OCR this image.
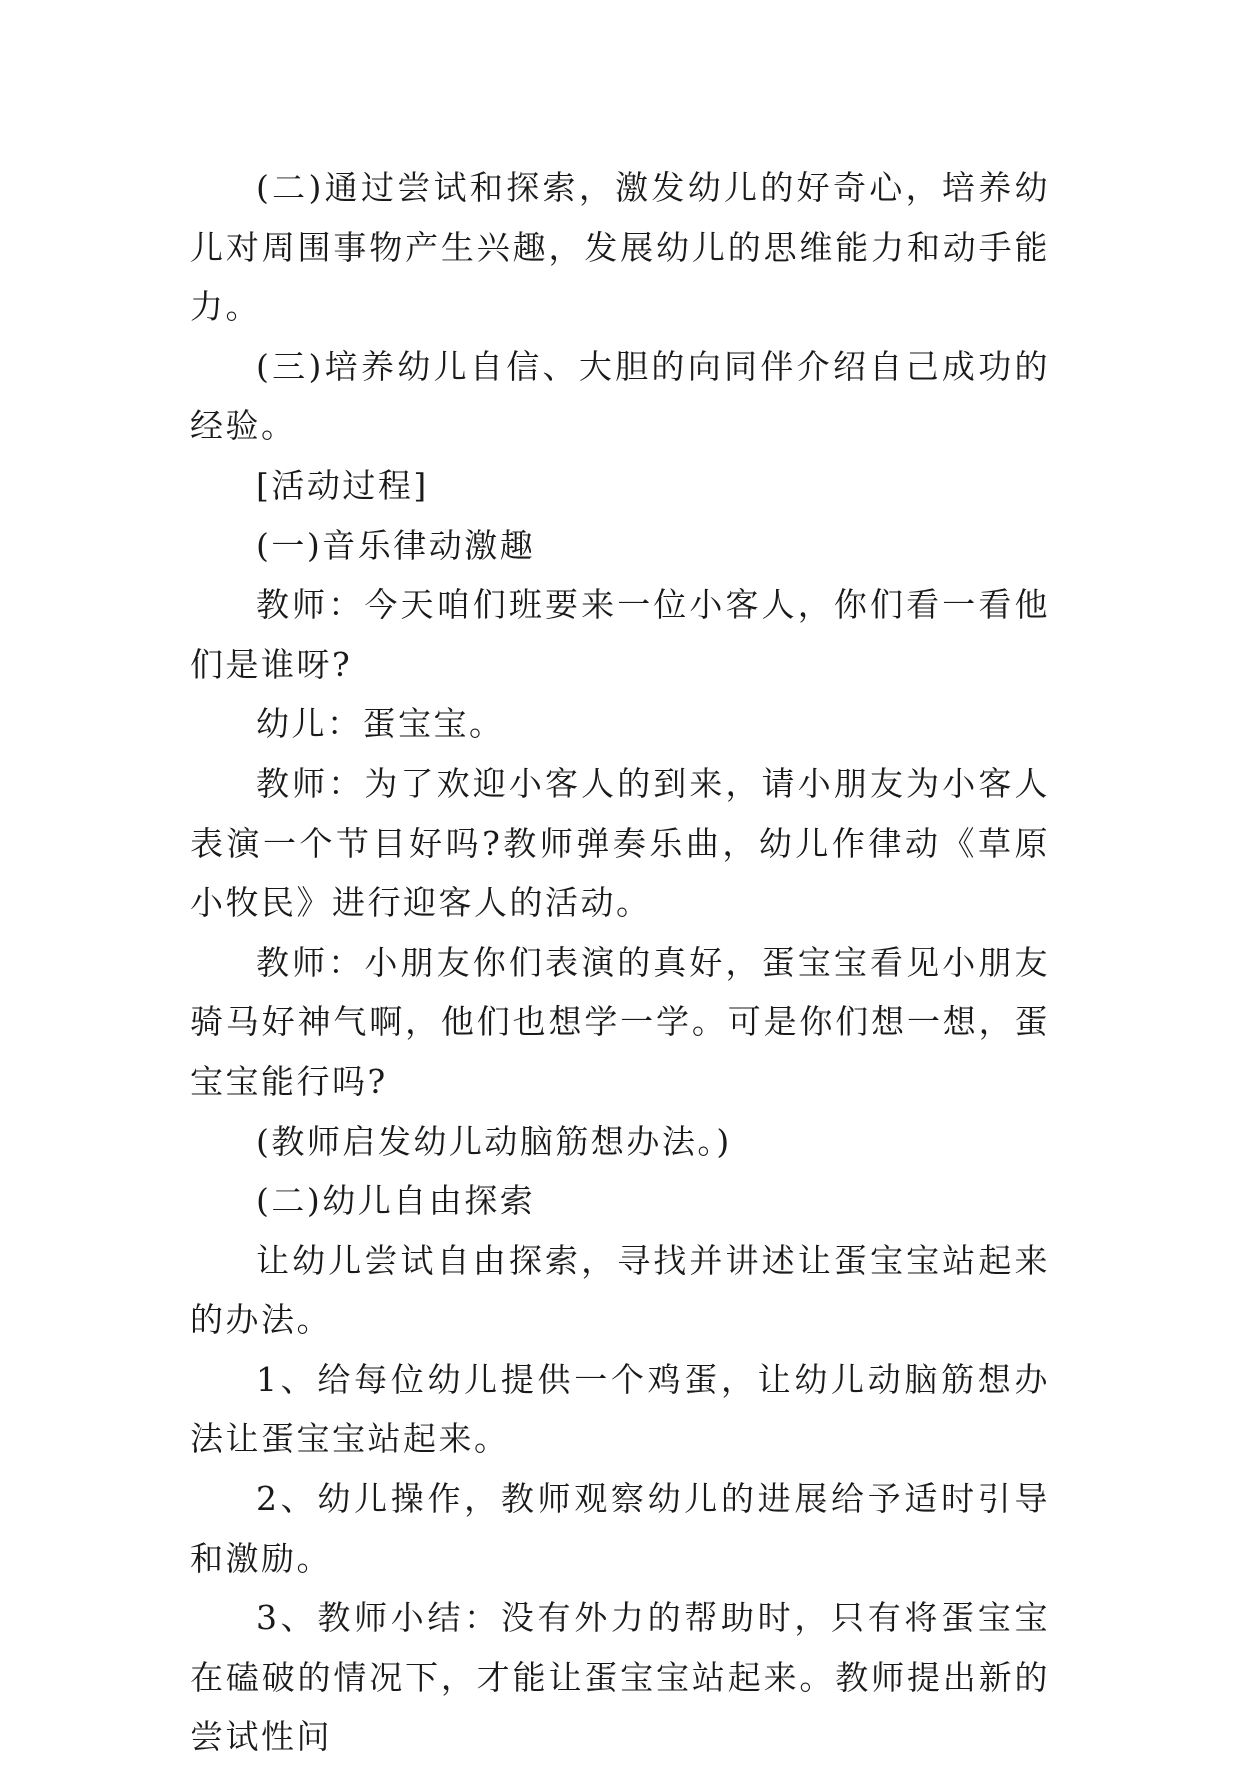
(二)通过尝试和探索，激发幼儿的好奇心，培养幼儿对周围事物产生兴趣，发展幼儿的思维能力和动手能力。

(三)培养幼儿自信、大胆的向同伴介绍自己成功的经验。

[活动过程]

(一)音乐律动激趣

教师：今天咱们班要来一位小客人，你们看一看他们是谁呀?

幼儿：蛋宝宝。

教师：为了欢迎小客人的到来，请小朋友为小客人表演一个节目好吗?教师弹奏乐曲，幼儿作律动《草原小牧民》进行迎客人的活动。

教师：小朋友你们表演的真好，蛋宝宝看见小朋友骑马好神气啊，他们也想学一学。可是你们想一想，蛋宝宝能行吗?

(教师启发幼儿动脑筋想办法。)

(二)幼儿自由探索

让幼儿尝试自由探索，寻找并讲述让蛋宝宝站起来的办法。

1、给每位幼儿提供一个鸡蛋，让幼儿动脑筋想办法让蛋宝宝站起来。

2、幼儿操作，教师观察幼儿的进展给予适时引导和激励。

3、教师小结：没有外力的帮助时，只有将蛋宝宝在磕破的情况下，才能让蛋宝宝站起来。教师提出新的尝试性问
